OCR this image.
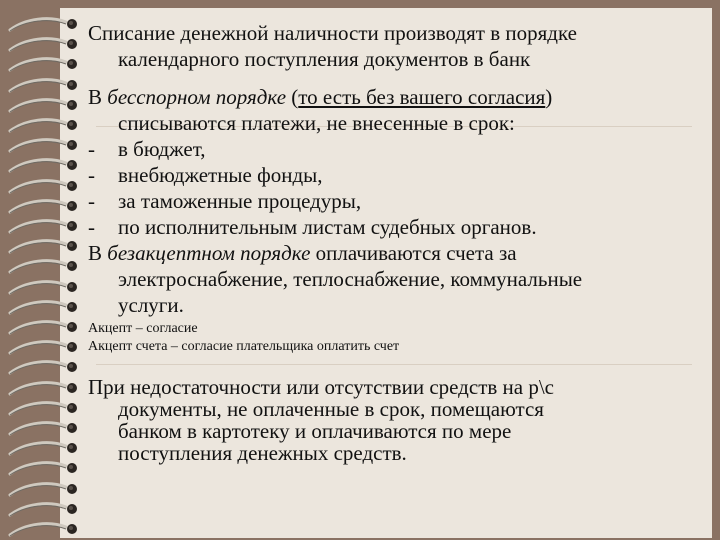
Списание денежной наличности производят в порядке
календарного поступления документов в банк

В бесспорном порядке (то есть без вашего согласия)
списываются платежи, не внесенные в срок:

- в бюджет,
- внебюджетные фонды,
- за таможенные процедуры,
- по исполнительным листам судебных органов.

В безакцептном порядке оплачиваются счета за
электроснабжение, теплоснабжение, коммунальные
услуги.

Акцепт – согласие
Акцепт счета – согласие плательщика оплатить счет

При недостаточности или отсутствии средств на р\с
документы, не оплаченные в срок, помещаются
банком в картотеку и оплачиваются по мере
поступления денежных средств.
